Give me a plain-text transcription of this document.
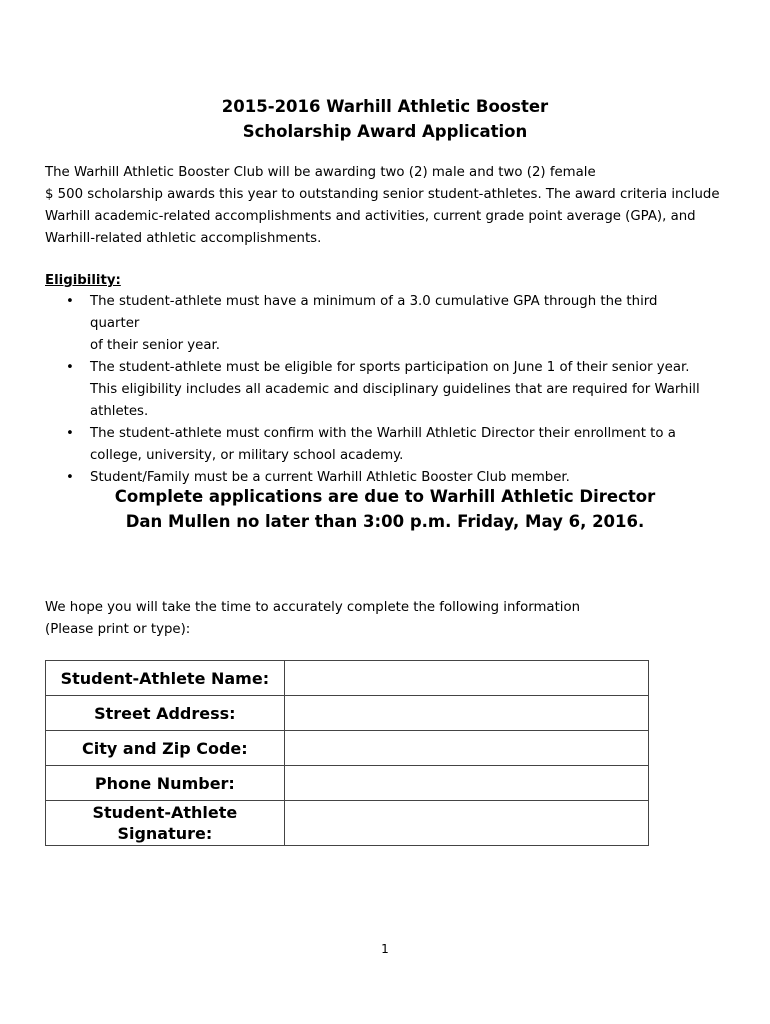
2015-2016 Warhill Athletic Booster
Scholarship Award Application

The Warhill Athletic Booster Club will be awarding two (2) male and two (2) female

$ 500 scholarship awards this year to outstanding senior student-athletes. The award criteria include

Warhill academic-related accomplishments and activities, current grade point average (GPA), and

Warhill-related athletic accomplishments.

Eligibility:
• The student-athlete must have a minimum of a 3.0 cumulative GPA through the third quarter
of their senior year.
• The student-athlete must be eligible for sports participation on June 1 of their senior year.
This eligibility includes all academic and disciplinary guidelines that are required for Warhill
athletes.
• The student-athlete must confirm with the Warhill Athletic Director their enrollment to a
college, university, or military school academy.
• Student/Family must be a current Warhill Athletic Booster Club member.
Complete applications are due to Warhill Athletic Director
Dan Mullen no later than 3:00 p.m. Friday, May 6, 2016.
We hope you will take the time to accurately complete the following information
(Please print or type):
Student-Athlete Name:	
Street Address:	
City and Zip Code:	
Phone Number:	

Student-Athlete
Signature:	

1
